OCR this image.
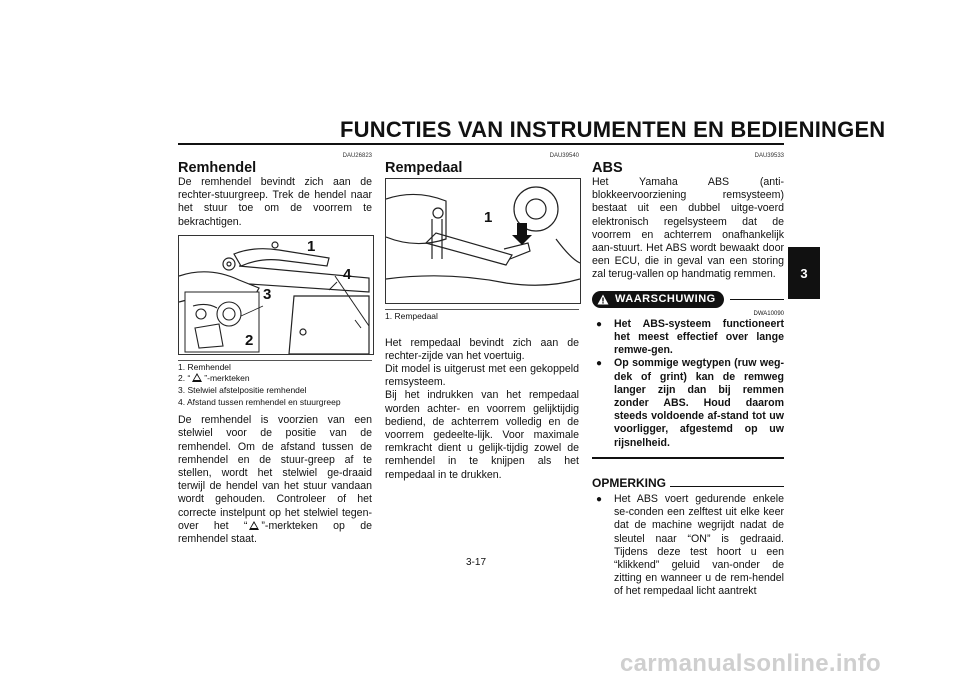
FUNCTIES VAN INSTRUMENTEN EN BEDIENINGEN
3
DAU26823
Remhendel

De remhendel bevindt zich aan de rechter-stuurgreep. Trek de hendel naar het stuur toe om de voorrem te bekrachtigen.

1
4
3
2
1. Remhendel
2. “ ”-merkteken
3. Stelwiel afstelpositie remhendel
4. Afstand tussen remhendel en stuurgreep

De remhendel is voorzien van een stelwiel voor de positie van de remhendel. Om de afstand tussen de remhendel en de stuur-greep af te stellen, wordt het stelwiel ge-draaid terwijl de hendel van het stuur vandaan wordt gehouden. Controleer of het correcte instelpunt op het stelwiel tegen-over het “ ”-merkteken op de remhendel staat.

DAU39540
Rempedaal
1
1. Rempedaal

Het rempedaal bevindt zich aan de rechter-zijde van het voertuig.
Dit model is uitgerust met een gekoppeld remsysteem.
Bij het indrukken van het rempedaal worden achter- en voorrem gelijktijdig bediend, de achterrem volledig en de voorrem gedeelte-lijk. Voor maximale remkracht dient u gelijk-tijdig zowel de remhendel in te knijpen als het rempedaal in te drukken.

DAU39533
ABS

Het Yamaha ABS (anti-blokkeervoorziening remsysteem) bestaat uit een dubbel uitge-voerd elektronisch regelsysteem dat de voorrem en achterrem onafhankelijk aan-stuurt. Het ABS wordt bewaakt door een ECU, die in geval van een storing zal terug-vallen op handmatig remmen.

WAARSCHUWING
DWA10090
● Het ABS-systeem functioneert het meest effectief over lange remwe-gen.
● Op sommige wegtypen (ruw weg-dek of grint) kan de remweg langer zijn dan bij remmen zonder ABS. Houd daarom steeds voldoende af-stand tot uw voorligger, afgestemd op uw rijsnelheid.
OPMERKING
● Het ABS voert gedurende enkele se-conden een zelftest uit elke keer dat de machine wegrijdt nadat de sleutel naar “ON” is gedraaid. Tijdens deze test hoort u een “klikkend” geluid van-onder de zitting en wanneer u de rem-hendel of het rempedaal licht aantrekt
3-17
carmanualsonline.info
